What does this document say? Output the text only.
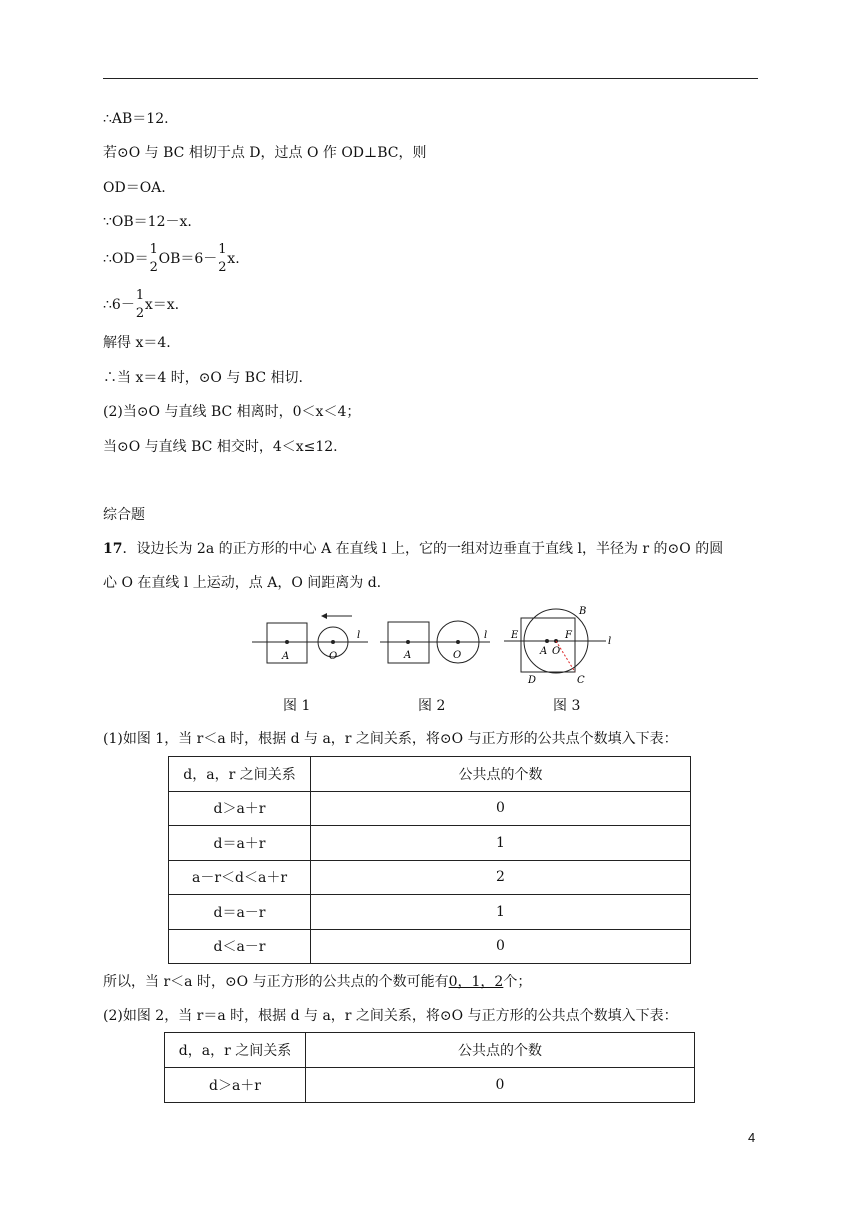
∴AB＝12.
若⊙O 与 BC 相切于点 D，过点 O 作 OD⊥BC，则
OD＝OA.
∵OB＝12－x.
∴OD＝
1
2
OB＝6－
1
2
x.
∴6－
1
2
x＝x.
解得 x＝4.
∴当 x＝4 时，⊙O 与 BC 相切.
(2)当⊙O 与直线 BC 相离时，0＜x＜4；
当⊙O 与直线 BC 相交时，4＜x≤12.
综合题
17．设边长为 2a 的正方形的中心 A 在直线 l 上，它的一组对边垂直于直线 l，半径为 r 的⊙O 的圆
心 O 在直线 l 上运动，点 A，O 间距离为 d.
A	O
l
A	O
l
B
C
D
E	F
A O
l
图 1	图 2	图 3
(1)如图 1，当 r＜a 时，根据 d 与 a，r 之间关系，将⊙O 与正方形的公共点个数填入下表：
d，a，r 之间关系	公共点的个数
d＞a＋r	0
d＝a＋r	1
a－r＜d＜a＋r	2
d＝a－r	1
d＜a－r	0
所以，当 r＜a 时，⊙O 与正方形的公共点的个数可能有0，1，2个；
(2)如图 2，当 r＝a 时，根据 d 与 a，r 之间关系，将⊙O 与正方形的公共点个数填入下表：
d，a，r 之间关系	公共点的个数
d＞a＋r	0
4
